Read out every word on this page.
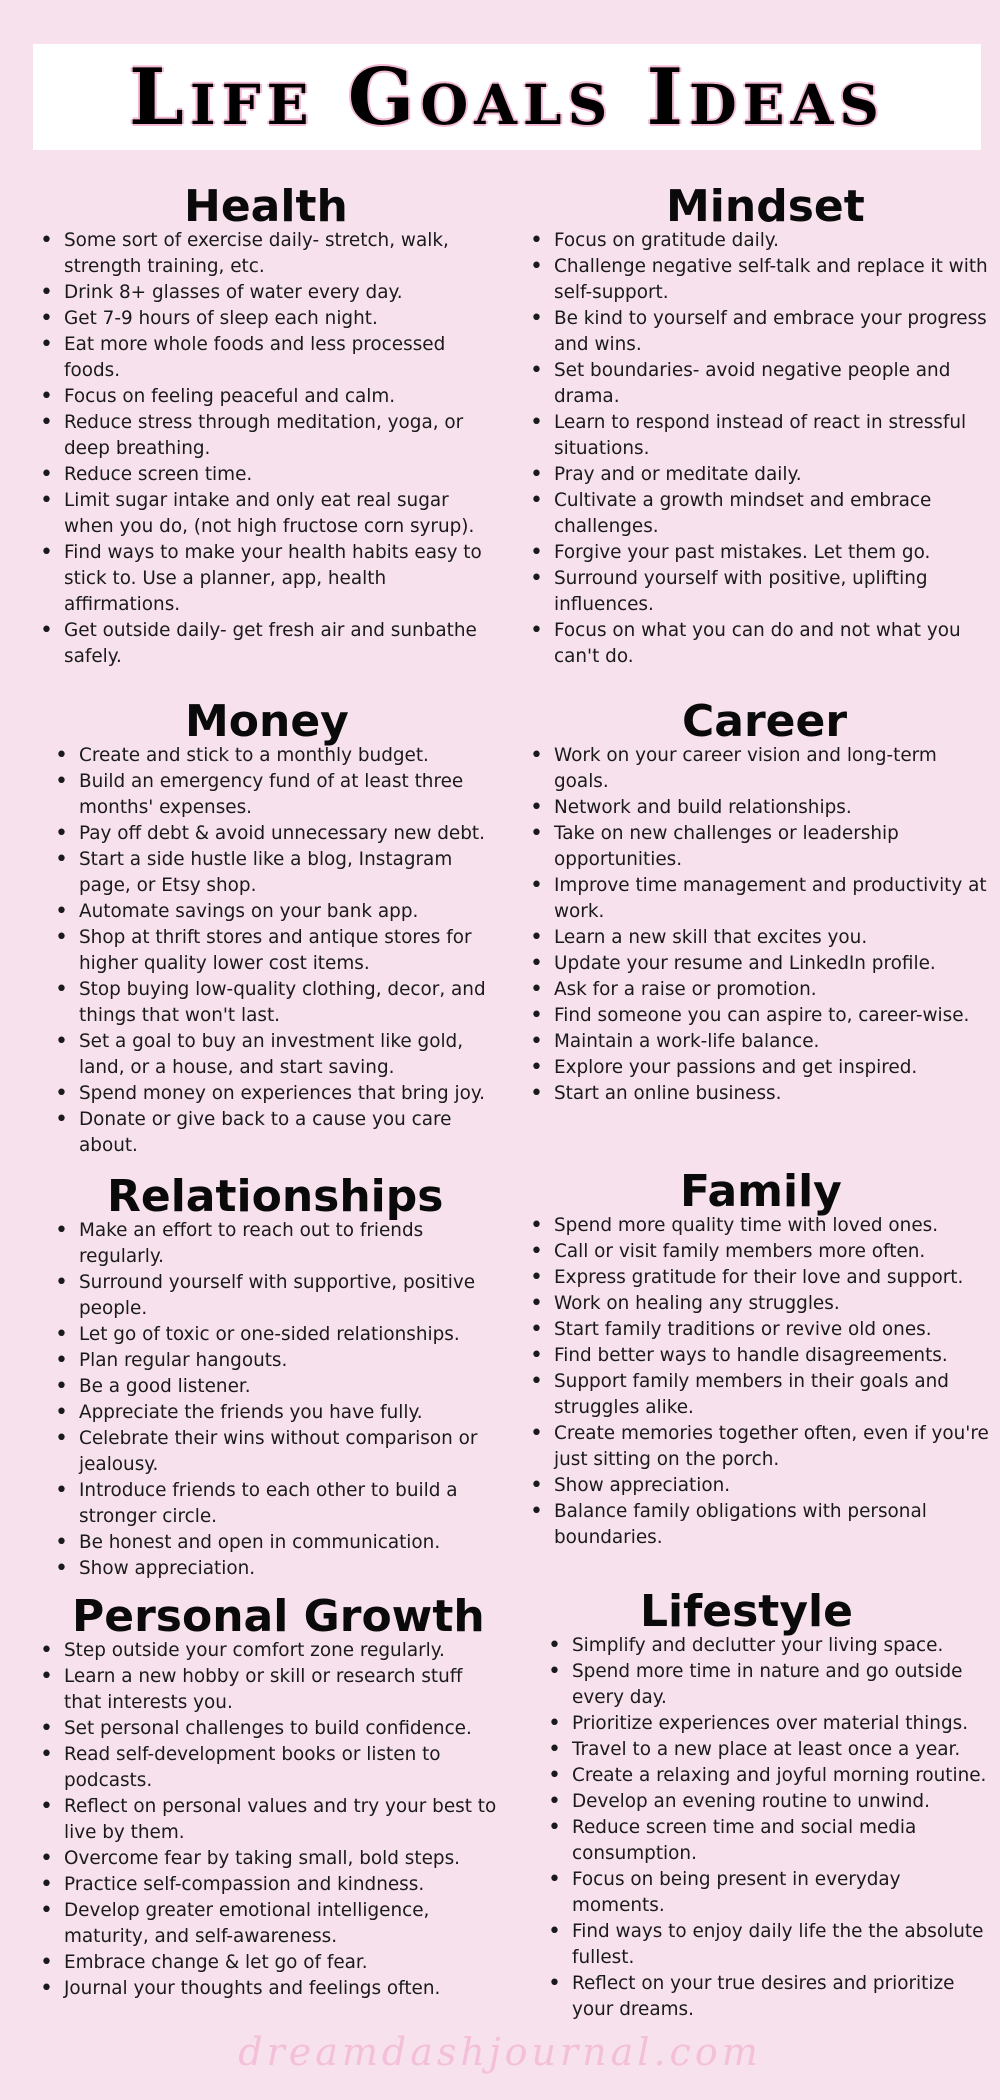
Life Goals Ideas
Health
• Some sort of exercise daily- stretch, walk, strength training, etc.
• Drink 8+ glasses of water every day.
• Get 7-9 hours of sleep each night.
• Eat more whole foods and less processed foods.
• Focus on feeling peaceful and calm.
• Reduce stress through meditation, yoga, or deep breathing.
• Reduce screen time.
• Limit sugar intake and only eat real sugar when you do, (not high fructose corn syrup).
• Find ways to make your health habits easy to stick to. Use a planner, app, health affirmations.
• Get outside daily- get fresh air and sunbathe safely.
Mindset
• Focus on gratitude daily.
• Challenge negative self-talk and replace it with self-support.
• Be kind to yourself and embrace your progress and wins.
• Set boundaries- avoid negative people and drama.
• Learn to respond instead of react in stressful situations.
• Pray and or meditate daily.
• Cultivate a growth mindset and embrace challenges.
• Forgive your past mistakes. Let them go.
• Surround yourself with positive, uplifting influences.
• Focus on what you can do and not what you can't do.
Money
• Create and stick to a monthly budget.
• Build an emergency fund of at least three months' expenses.
• Pay off debt & avoid unnecessary new debt.
• Start a side hustle like a blog, Instagram page, or Etsy shop.
• Automate savings on your bank app.
• Shop at thrift stores and antique stores for higher quality lower cost items.
• Stop buying low-quality clothing, decor, and things that won't last.
• Set a goal to buy an investment like gold, land, or a house, and start saving.
• Spend money on experiences that bring joy.
• Donate or give back to a cause you care about.
Career
• Work on your career vision and long-term goals.
• Network and build relationships.
• Take on new challenges or leadership opportunities.
• Improve time management and productivity at work.
• Learn a new skill that excites you.
• Update your resume and LinkedIn profile.
• Ask for a raise or promotion.
• Find someone you can aspire to, career-wise.
• Maintain a work-life balance.
• Explore your passions and get inspired.
• Start an online business.
Relationships
• Make an effort to reach out to friends regularly.
• Surround yourself with supportive, positive people.
• Let go of toxic or one-sided relationships.
• Plan regular hangouts.
• Be a good listener.
• Appreciate the friends you have fully.
• Celebrate their wins without comparison or jealousy.
• Introduce friends to each other to build a stronger circle.
• Be honest and open in communication.
• Show appreciation.
Family
• Spend more quality time with loved ones.
• Call or visit family members more often.
• Express gratitude for their love and support.
• Work on healing any struggles.
• Start family traditions or revive old ones.
• Find better ways to handle disagreements.
• Support family members in their goals and struggles alike.
• Create memories together often, even if you're just sitting on the porch.
• Show appreciation.
• Balance family obligations with personal boundaries.
Personal Growth
• Step outside your comfort zone regularly.
• Learn a new hobby or skill or research stuff that interests you.
• Set personal challenges to build confidence.
• Read self-development books or listen to podcasts.
• Reflect on personal values and try your best to live by them.
• Overcome fear by taking small, bold steps.
• Practice self-compassion and kindness.
• Develop greater emotional intelligence, maturity, and self-awareness.
• Embrace change & let go of fear.
• Journal your thoughts and feelings often.
Lifestyle
• Simplify and declutter your living space.
• Spend more time in nature and go outside every day.
• Prioritize experiences over material things.
• Travel to a new place at least once a year.
• Create a relaxing and joyful morning routine.
• Develop an evening routine to unwind.
• Reduce screen time and social media consumption.
• Focus on being present in everyday moments.
• Find ways to enjoy daily life the the absolute fullest.
• Reflect on your true desires and prioritize your dreams.
dreamdashjournal.com
